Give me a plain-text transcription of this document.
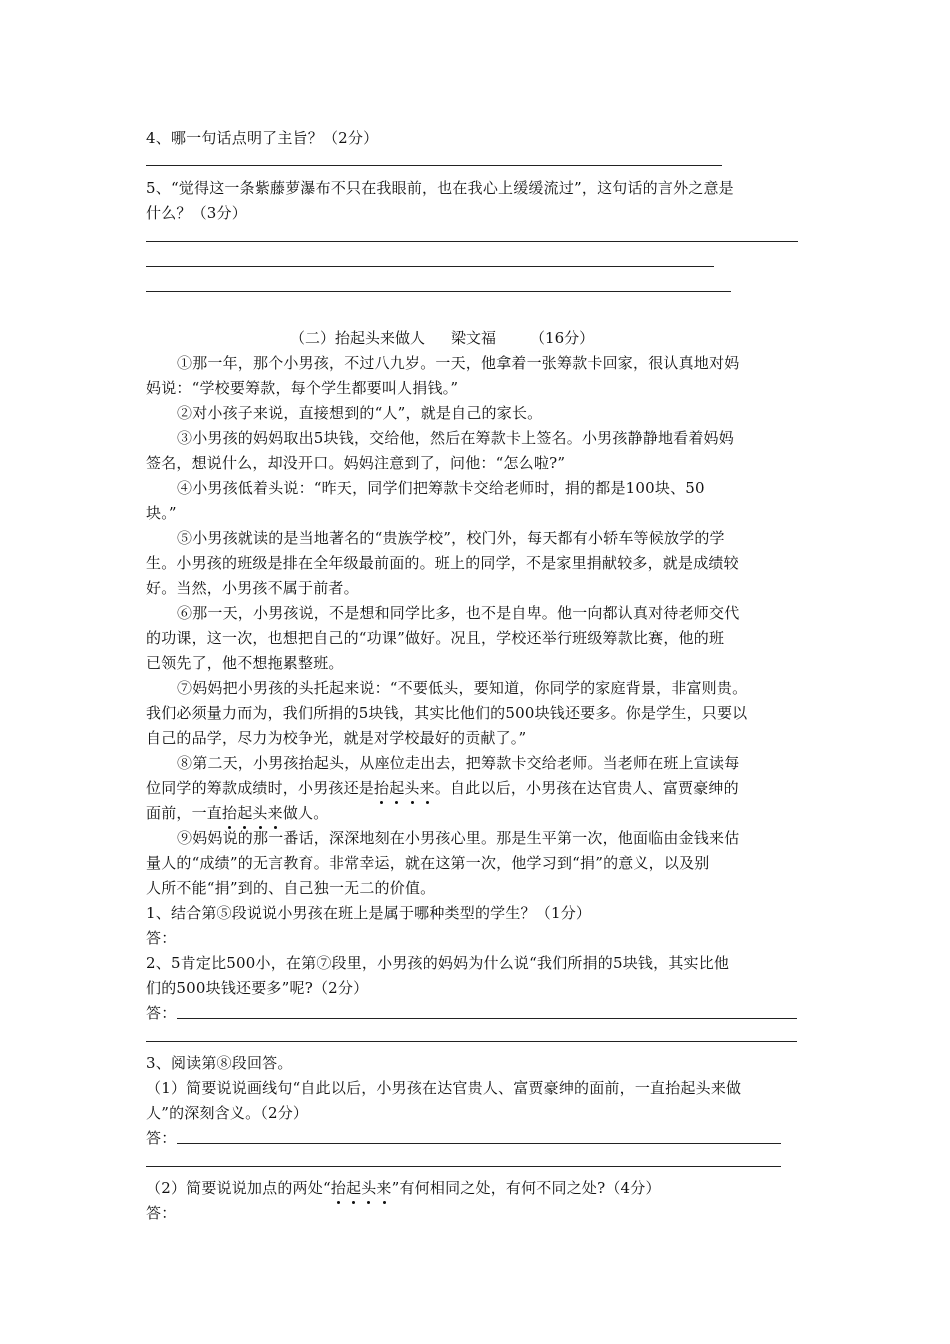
4、哪一句话点明了主旨？（2分）
5、“觉得这一条紫藤萝瀑布不只在我眼前，也在我心上缓缓流过”，这句话的言外之意是
什么？（3分）
（二）抬起头来做人 梁文福 （16分）
①那一年，那个小男孩，不过八九岁。一天，他拿着一张筹款卡回家，很认真地对妈
妈说：“学校要筹款，每个学生都要叫人捐钱。”
②对小孩子来说，直接想到的“人”，就是自己的家长。
③小男孩的妈妈取出5块钱，交给他，然后在筹款卡上签名。小男孩静静地看着妈妈
签名，想说什么，却没开口。妈妈注意到了，问他：“怎么啦?”
④小男孩低着头说：“昨天，同学们把筹款卡交给老师时，捐的都是100块、50
块。”
⑤小男孩就读的是当地著名的“贵族学校”，校门外，每天都有小轿车等候放学的学
生。小男孩的班级是排在全年级最前面的。班上的同学，不是家里捐献较多，就是成绩较
好。当然，小男孩不属于前者。
⑥那一天，小男孩说，不是想和同学比多，也不是自卑。他一向都认真对待老师交代
的功课，这一次，也想把自己的“功课”做好。况且，学校还举行班级筹款比赛，他的班
已领先了，他不想拖累整班。
⑦妈妈把小男孩的头托起来说：“不要低头，要知道，你同学的家庭背景，非富则贵。
我们必须量力而为，我们所捐的5块钱，其实比他们的500块钱还要多。你是学生，只要以
自己的品学，尽力为校争光，就是对学校最好的贡献了。”
⑧第二天，小男孩抬起头，从座位走出去，把筹款卡交给老师。当老师在班上宣读每
位同学的筹款成绩时，小男孩还是抬起头来
。自此以后，小男孩在达官贵人、富贾豪绅的
面前，一直抬起头来
做人。
⑨妈妈说的那一番话，深深地刻在小男孩心里。那是生平第一次，他面临由金钱来估
量人的“成绩”的无言教育。非常幸运，就在这第一次，他学习到“捐”的意义，以及别
人所不能“捐”到的、自己独一无二的价值。
1、结合第⑤段说说小男孩在班上是属于哪种类型的学生？（1分）
答：
2、5肯定比500小，在第⑦段里，小男孩的妈妈为什么说“我们所捐的5块钱，其实比他
们的500块钱还要多”呢?（2分）
答：
3、阅读第⑧段回答。
（1）简要说说画线句“自此以后，小男孩在达官贵人、富贾豪绅的面前，一直抬起头来做
人”的深刻含义。（2分）
答：
（2）简要说说加点的两处“抬起头来
”有何相同之处，有何不同之处?（4分）
答：
